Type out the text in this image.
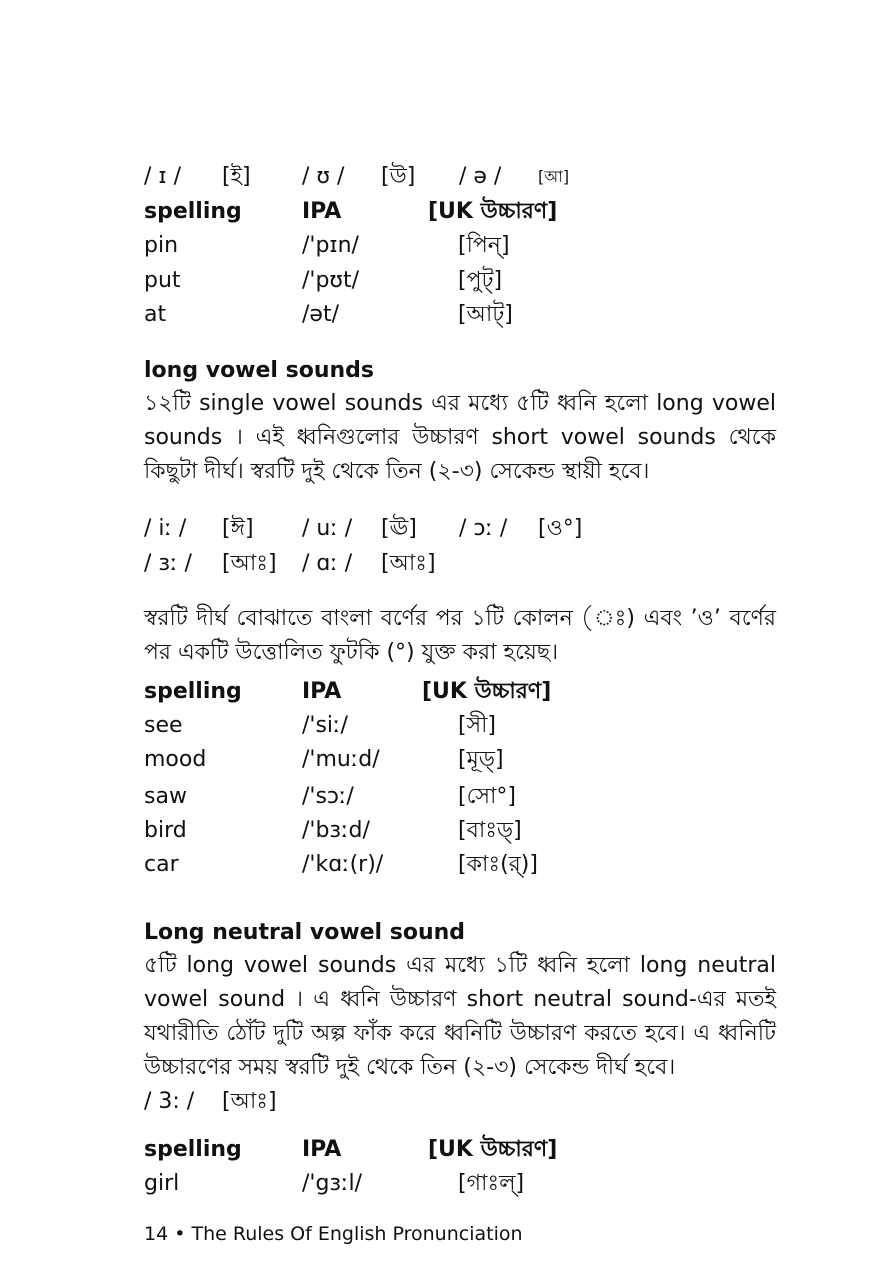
/ ɪ / [ই] / ʊ / [উ] / ə / [আ]
spelling	IPA	[UK উচ্চারণ]
pin	/'pɪn/	[পিন্]
put	/'pʊt/	[পুট্]
at	/ət/	[আট্]
long vowel sounds
১২টি single vowel sounds এর মধ্যে ৫টি ধ্বনি হলো long vowel sounds । এই ধ্বনিগুলোর উচ্চারণ short vowel sounds থেকে কিছুটা দীর্ঘ। স্বরটি দুই থেকে তিন (২-৩) সেকেন্ড স্থায়ী হবে।
/ iː / [ঈ] / uː / [ঊ] / ɔː / [ও°]
/ ɜː / [আঃ] / ɑː / [আঃ]
স্বরটি দীর্ঘ বোঝাতে বাংলা বর্ণের পর ১টি কোলন (ঃ) এবং ’ও’ বর্ণের পর একটি উত্তোলিত ফুটকি (°) যুক্ত করা হয়েছ।
spelling	IPA	[UK উচ্চারণ]
see	/'siː/	[সী]
mood	/'muːd/	[মূড্]
saw	/'sɔː/	[সো°]
bird	/'bɜːd/	[বাঃড্]
car	/'kɑː(r)/	[কাঃ(র্)]
Long neutral vowel sound
৫টি long vowel sounds এর মধ্যে ১টি ধ্বনি হলো long neutral vowel sound । এ ধ্বনি উচ্চারণ short neutral sound-এর মতই যথারীতি ঠোঁট দুটি অল্প ফাঁক করে ধ্বনিটি উচ্চারণ করতে হবে। এ ধ্বনিটি উচ্চারণের সময় স্বরটি দুই থেকে তিন (২-৩) সেকেন্ড দীর্ঘ হবে।
/ 3: / [আঃ]
spelling	IPA	[UK উচ্চারণ]
girl	/'gɜːl/	[গাঃল্]
14 • The Rules Of English Pronunciation
